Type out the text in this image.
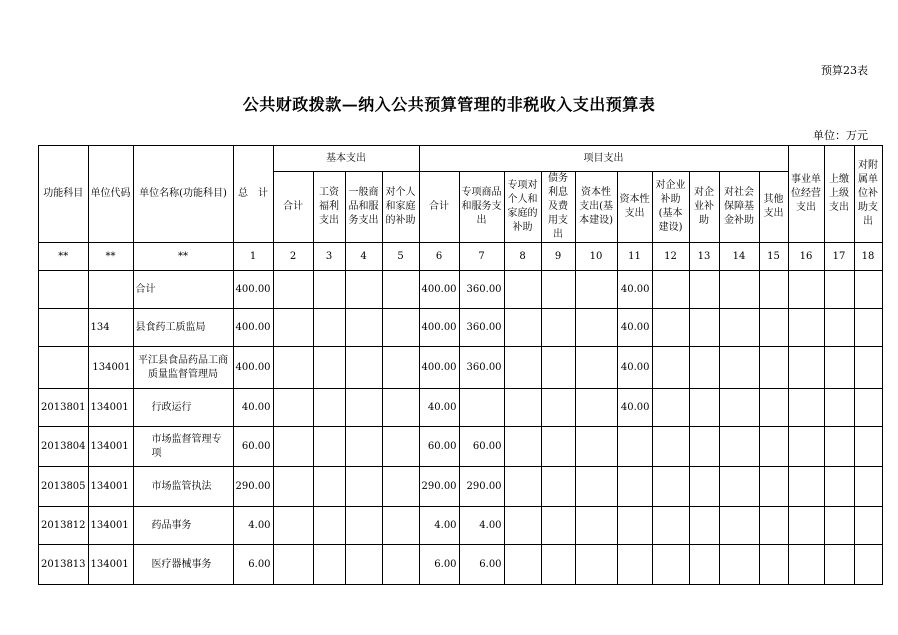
预算23表
公共财政拨款—纳入公共预算管理的非税收入支出预算表
单位：万元
功能科目	单位代码	单位名称(功能科目)	总　计	基本支出				项目支出										事业单位经营支出	上缴上级支出	对附属单位补助支出
				合计	工资福利支出	一般商品和服务支出	对个人和家庭的补助	合计	专项商品和服务支出	专项对个人和家庭的补助	债务利息及费用支出	资本性支出(基本建设)	资本性支出	对企业补助(基本建设)	对企业补助	对社会保障基金补助	其他支出			
**	**	**	1	2	3	4	5	6	7	8	9	10	11	12	13	14	15	16	17	18
		合计	400.00					400.00	360.00				40.00							
	134	县食药工质监局	400.00					400.00	360.00				40.00							
	134001	平江县食品药品工商质量监督管理局	400.00					400.00	360.00				40.00							
2013801	134001	行政运行	40.00					40.00					40.00							
2013804	134001	市场监督管理专项	60.00					60.00	60.00											
2013805	134001	市场监管执法	290.00					290.00	290.00											
2013812	134001	药品事务	4.00					4.00	4.00											
2013813	134001	医疗器械事务	6.00					6.00	6.00											
